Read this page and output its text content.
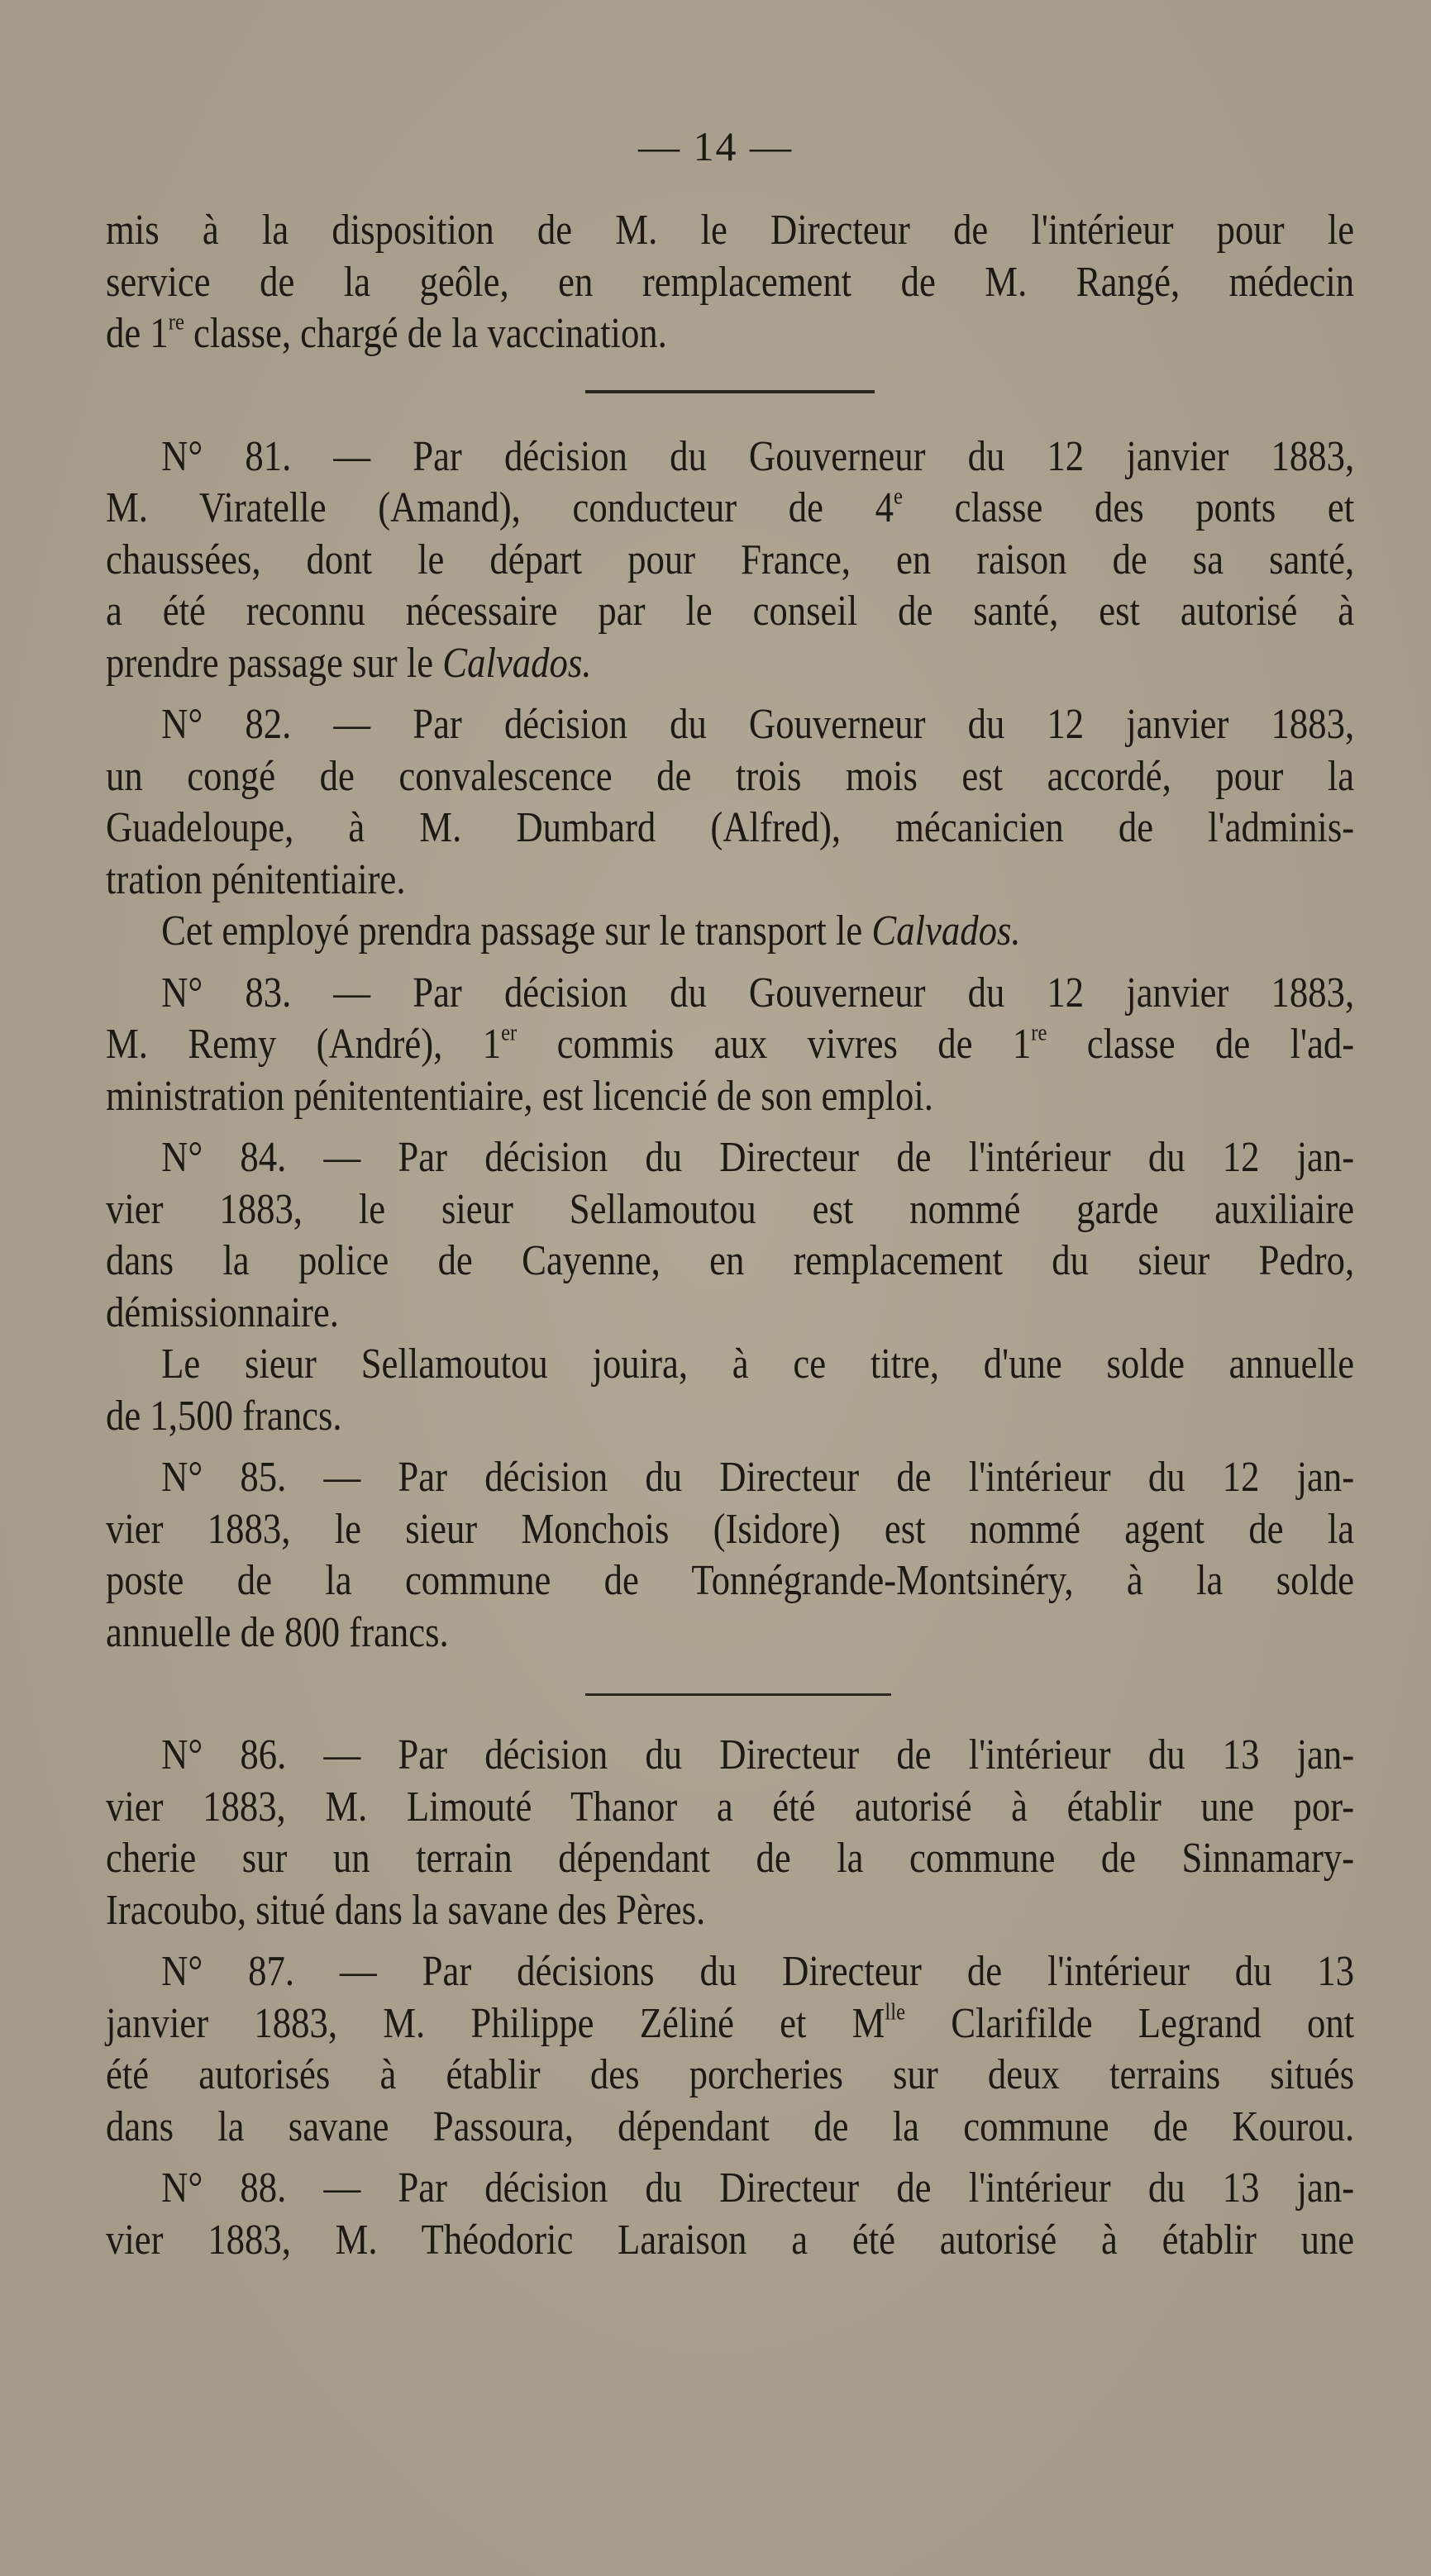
— 14 —
mis à la disposition de M. le Directeur de l'intérieur pour le
service de la geôle, en remplacement de M. Rangé, médecin
de 1re classe, chargé de la vaccination.
N° 81. — Par décision du Gouverneur du 12 janvier 1883,
M. Viratelle (Amand), conducteur de 4e classe des ponts et
chaussées, dont le départ pour France, en raison de sa santé,
a été reconnu nécessaire par le conseil de santé, est autorisé à
prendre passage sur le Calvados.
N° 82. — Par décision du Gouverneur du 12 janvier 1883,
un congé de convalescence de trois mois est accordé, pour la
Guadeloupe, à M. Dumbard (Alfred), mécanicien de l'adminis-
tration pénitentiaire.
Cet employé prendra passage sur le transport le Calvados.
N° 83. — Par décision du Gouverneur du 12 janvier 1883,
M. Remy (André), 1er commis aux vivres de 1re classe de l'ad-
ministration pénitententiaire, est licencié de son emploi.
N° 84. — Par décision du Directeur de l'intérieur du 12 jan-
vier 1883, le sieur Sellamoutou est nommé garde auxiliaire
dans la police de Cayenne, en remplacement du sieur Pedro,
démissionnaire.
Le sieur Sellamoutou jouira, à ce titre, d'une solde annuelle
de 1,500 francs.
N° 85. — Par décision du Directeur de l'intérieur du 12 jan-
vier 1883, le sieur Monchois (Isidore) est nommé agent de la
poste de la commune de Tonnégrande-Montsinéry, à la solde
annuelle de 800 francs.
N° 86. — Par décision du Directeur de l'intérieur du 13 jan-
vier 1883, M. Limouté Thanor a été autorisé à établir une por-
cherie sur un terrain dépendant de la commune de Sinnamary-
Iracoubo, situé dans la savane des Pères.
N° 87. — Par décisions du Directeur de l'intérieur du 13
janvier 1883, M. Philippe Zéliné et $M^{lle}$ Clarifilde Legrand ont
été autorisés à établir des porcheries sur deux terrains situés
dans la savane Passoura, dépendant de la commune de Kourou.
N° 88. — Par décision du Directeur de l'intérieur du 13 jan-
vier 1883, M. Théodoric Laraison a été autorisé à établir une
